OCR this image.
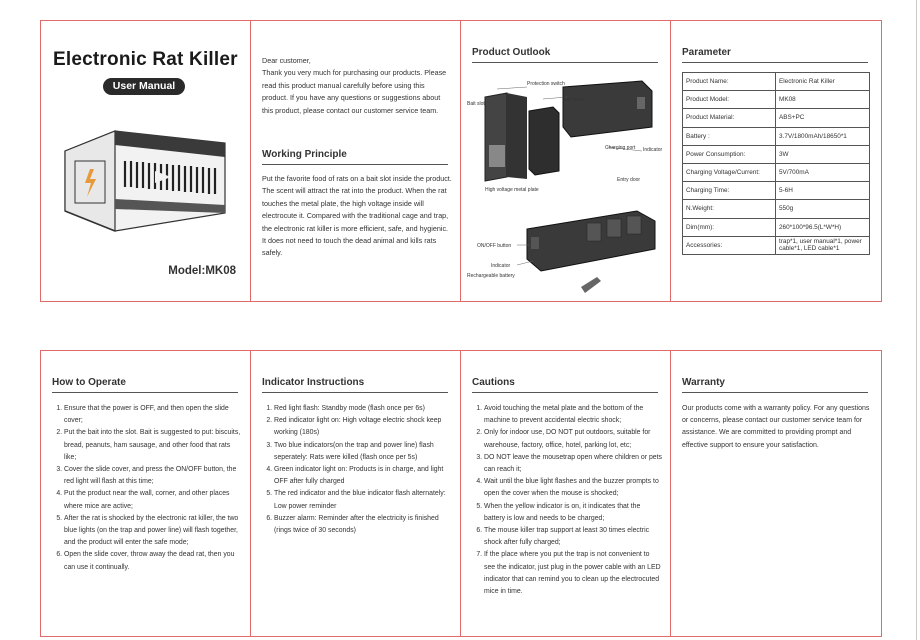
Electronic Rat Killer
User Manual
Model:MK08

Dear customer,

Thank you very much for purchasing our products. Please read this product manual carefully before using this product. If you have any questions or suggestions about this product, please contact our customer service team.

Working Principle
Put the favorite food of rats on a bait slot inside the product. The scent will attract the rat into the product. When the rat touches the metal plate, the high voltage inside will electrocute it. Compared with the traditional cage and trap, the electronic rat killer is more efficient, safe, and hygienic. It does not need to touch the dead animal and kills rats safely.
Product Outlook
Protection switch
Top cover
Bait slot
Charging port Indicator
Entry door
High voltage metal plate
ON/OFF button
Indicator
Rechargeable battery
Parameter
Product Name:	Electronic Rat Killer
Product Model:	MK08
Product Material:	ABS+PC
Battery :	3.7V/1800mAh/18650*1
Power Consumption:	3W
Charging Voltage/Current:	5V/700mA
Charging Time:	5-6H
N.Weight:	550g
Dim(mm):	260*100*96.5(L*W*H)
Accessories:	trap*1, user manual*1, power cable*1, LED cable*1
How to Operate
1. Ensure that the power is OFF, and then open the slide cover;
2. Put the bait into the slot. Bait is suggested to put: biscuits, bread, peanuts, ham sausage, and other food that rats like;
3. Cover the slide cover, and press the ON/OFF button, the red light will flash at this time;
4. Put the product near the wall, corner, and other places where mice are active;
5. After the rat is shocked by the electronic rat killer, the two blue lights (on the trap and power line) will flash together, and the product will enter the safe mode;
6. Open the slide cover, throw away the dead rat, then you can use it continually.
Indicator Instructions
1. Red light flash: Standby mode (flash once per 6s)
2. Red indicator light on: High voltage electric shock keep working (180s)
3. Two blue indicators(on the trap and power line) flash seperately: Rats were killed (flash once per 5s)
4. Green indicator light on: Products is in charge, and light OFF after fully charged
5. The red indicator and the blue indicator flash alternately: Low power reminder
6. Buzzer alarm: Reminder after the electricity is finished (rings twice of 30 seconds)
Cautions
1. Avoid touching the metal plate and the bottom of the machine to prevent accidental electric shock;
2. Only for indoor use, DO NOT put outdoors, suitable for warehouse, factory, office, hotel, parking lot, etc;
3. DO NOT leave the mousetrap open where children or pets can reach it;
4. Wait until the blue light flashes and the buzzer prompts to open the cover when the mouse is shocked;
5. When the yellow indicator is on, it indicates that the battery is low and needs to be charged;
6. The mouse killer trap support at least 30 times electric shock after fully charged;
7. If the place where you put the trap is not convenient to see the indicator, just plug in the power cable with an LED indicator that can remind you to clean up the electrocuted mice in time.
Warranty
Our products come with a warranty policy. For any questions or concerns, please contact our customer service team for assistance. We are committed to providing prompt and effective support to ensure your satisfaction.
